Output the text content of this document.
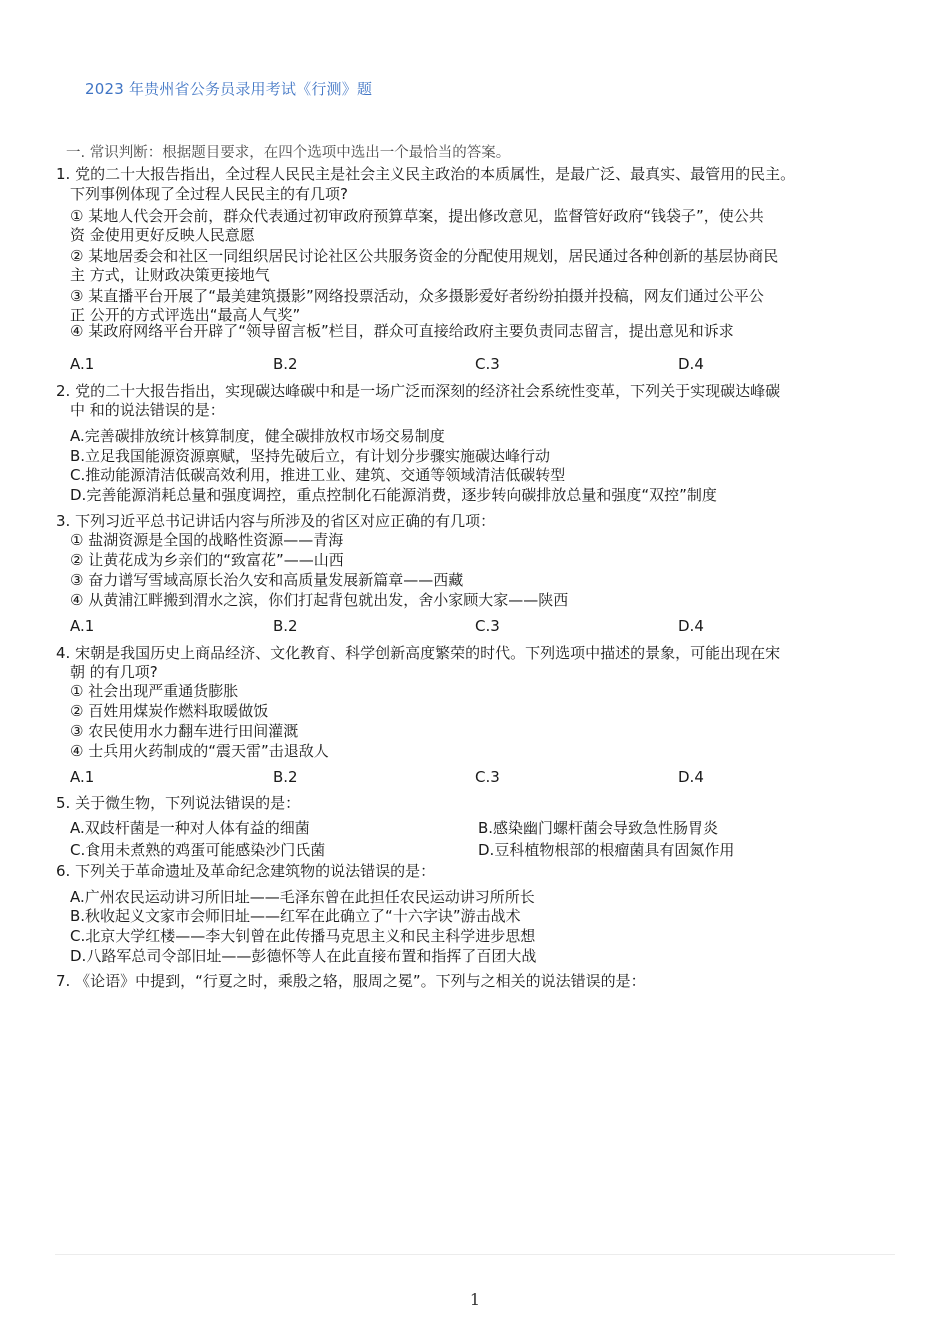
2023 年贵州省公务员录用考试《行测》题
一. 常识判断：根据题目要求，在四个选项中选出一个最恰当的答案。
1. 党的二十大报告指出，全过程人民民主是社会主义民主政治的本质属性，是最广泛、最真实、最管用的民主。
下列事例体现了全过程人民民主的有几项?
① 某地人代会开会前，群众代表通过初审政府预算草案，提出修改意见，监督管好政府“钱袋子”，使公共
资 金使用更好反映人民意愿
② 某地居委会和社区一同组织居民讨论社区公共服务资金的分配使用规划，居民通过各种创新的基层协商民
主 方式，让财政决策更接地气
③ 某直播平台开展了“最美建筑摄影”网络投票活动，众多摄影爱好者纷纷拍摄并投稿，网友们通过公平公
正 公开的方式评选出“最高人气奖”
④ 某政府网络平台开辟了“领导留言板”栏目，群众可直接给政府主要负责同志留言，提出意见和诉求
A.1	B.2	C.3	D.4
2. 党的二十大报告指出，实现碳达峰碳中和是一场广泛而深刻的经济社会系统性变革，下列关于实现碳达峰碳
中 和的说法错误的是：
A.完善碳排放统计核算制度，健全碳排放权市场交易制度
B.立足我国能源资源禀赋，坚持先破后立，有计划分步骤实施碳达峰行动
C.推动能源清洁低碳高效利用，推进工业、建筑、交通等领域清洁低碳转型
D.完善能源消耗总量和强度调控，重点控制化石能源消费，逐步转向碳排放总量和强度“双控”制度
3. 下列习近平总书记讲话内容与所涉及的省区对应正确的有几项：
① 盐湖资源是全国的战略性资源——青海
② 让黄花成为乡亲们的“致富花”——山西
③ 奋力谱写雪域高原长治久安和高质量发展新篇章——西藏
④ 从黄浦江畔搬到渭水之滨，你们打起背包就出发，舍小家顾大家——陕西
A.1	B.2	C.3	D.4
4. 宋朝是我国历史上商品经济、文化教育、科学创新高度繁荣的时代。下列选项中描述的景象，可能出现在宋
朝 的有几项?
① 社会出现严重通货膨胀
② 百姓用煤炭作燃料取暖做饭
③ 农民使用水力翻车进行田间灌溉
④ 士兵用火药制成的“震天雷”击退敌人
A.1	B.2	C.3	D.4
5. 关于微生物，下列说法错误的是：
A.双歧杆菌是一种对人体有益的细菌	B.感染幽门螺杆菌会导致急性肠胃炎
C.食用未煮熟的鸡蛋可能感染沙门氏菌	D.豆科植物根部的根瘤菌具有固氮作用
6. 下列关于革命遗址及革命纪念建筑物的说法错误的是：
A.广州农民运动讲习所旧址——毛泽东曾在此担任农民运动讲习所所长
B.秋收起义文家市会师旧址——红军在此确立了“十六字诀”游击战术
C.北京大学红楼——李大钊曾在此传播马克思主义和民主科学进步思想
D.八路军总司令部旧址——彭德怀等人在此直接布置和指挥了百团大战
7. 《论语》中提到，“行夏之时，乘殷之辂，服周之冕”。下列与之相关的说法错误的是：
1
